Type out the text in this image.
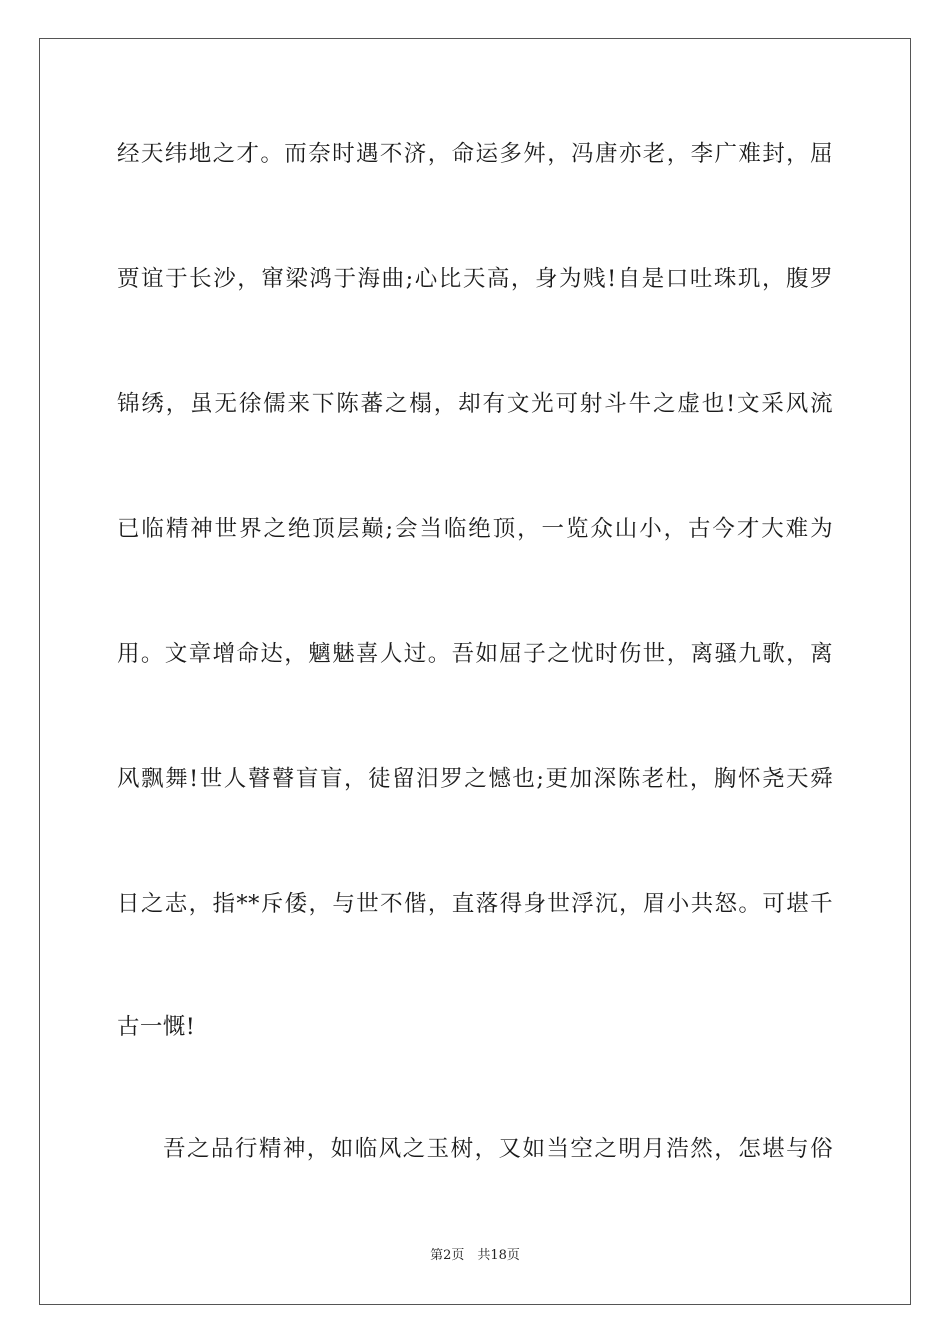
经天纬地之才。而奈时遇不济，命运多舛，冯唐亦老，李广难封，屈
贾谊于长沙，窜梁鸿于海曲;心比天高，身为贱!自是口吐珠玑，腹罗
锦绣，虽无徐儒来下陈蕃之榻，却有文光可射斗牛之虚也!文采风流
已临精神世界之绝顶层巅;会当临绝顶，一览众山小，古今才大难为
用。文章增命达，魑魅喜人过。吾如屈子之忧时伤世，离骚九歌，离
风飘舞!世人瞽瞽盲盲，徒留汨罗之憾也;更加深陈老杜，胸怀尧天舜
日之志，指**斥倭，与世不偕，直落得身世浮沉，眉小共怒。可堪千
古一慨!
吾之品行精神，如临风之玉树，又如当空之明月浩然，怎堪与俗
第2页　共18页
